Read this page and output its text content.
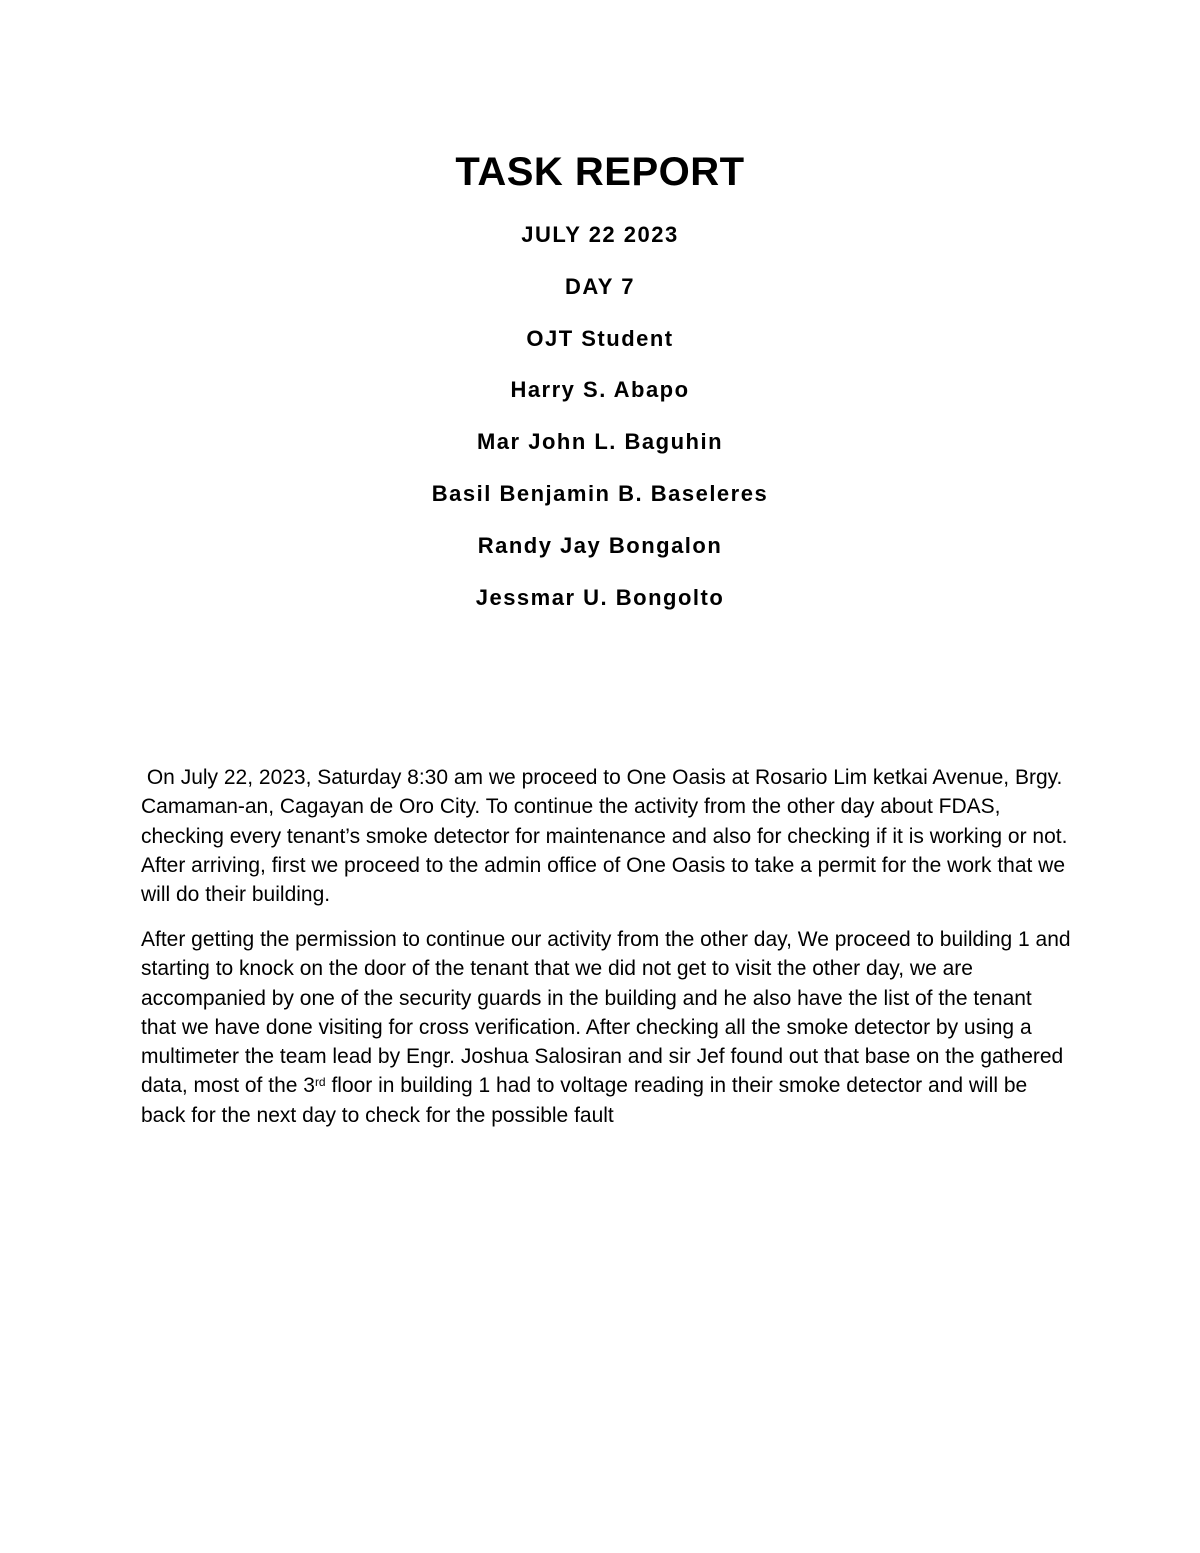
TASK REPORT
JULY 22 2023
DAY 7
OJT Student
Harry S. Abapo
Mar John L. Baguhin
Basil Benjamin B. Baseleres
Randy Jay Bongalon
Jessmar U. Bongolto

On July 22, 2023, Saturday 8:30 am we proceed to One Oasis at Rosario Lim ketkai Avenue, Brgy. Camaman-an, Cagayan de Oro City. To continue the activity from the other day about FDAS, checking every tenant’s smoke detector for maintenance and also for checking if it is working or not. After arriving, first we proceed to the admin office of One Oasis to take a permit for the work that we will do their building.

After getting the permission to continue our activity from the other day, We proceed to building 1 and starting to knock on the door of the tenant that we did not get to visit the other day, we are accompanied by one of the security guards in the building and he also have the list of the tenant that we have done visiting for cross verification. After checking all the smoke detector by using a multimeter the team lead by Engr. Joshua Salosiran and sir Jef found out that base on the gathered data, most of the 3rd floor in building 1 had to voltage reading in their smoke detector and will be back for the next day to check for the possible fault
